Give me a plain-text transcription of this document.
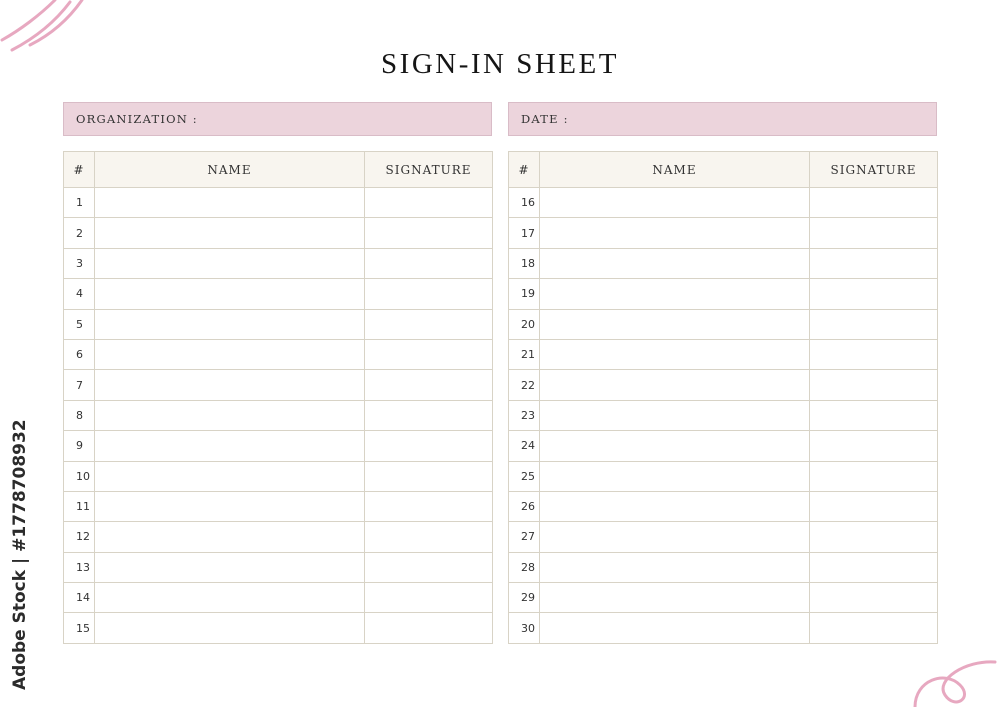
SIGN-IN SHEET
ORGANIZATION :	DATE :
#	NAME	SIGNATURE
1		
2		
3		
4		
5		
6		
7		
8		
9		
10		
11		
12		
13		
14		
15		
#	NAME	SIGNATURE
16		
17		
18		
19		
20		
21		
22		
23		
24		
25		
26		
27		
28		
29		
30		
Adobe Stock | #1778708932
